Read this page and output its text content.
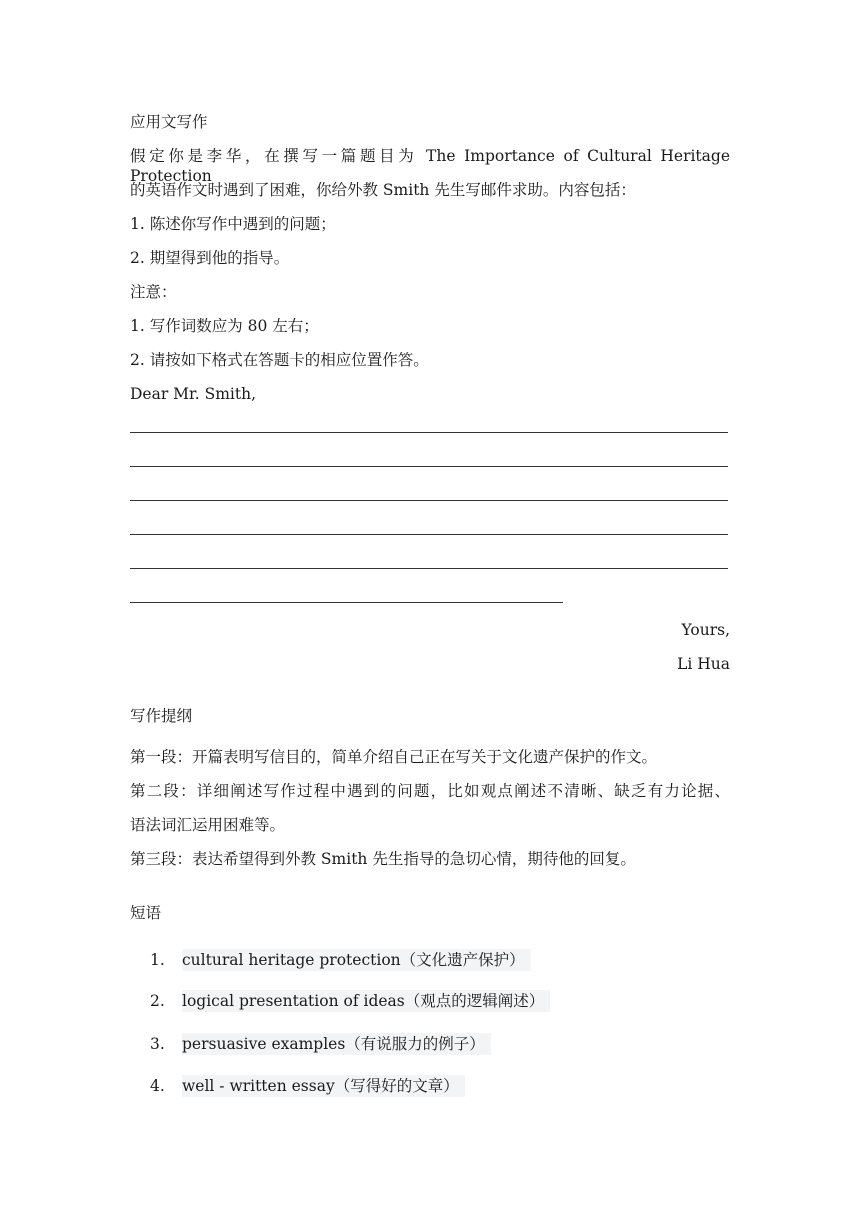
应用文写作
假定你是李华，在撰写一篇题目为 The Importance of Cultural Heritage Protection
的英语作文时遇到了困难，你给外教 Smith 先生写邮件求助。内容包括：
1. 陈述你写作中遇到的问题；
2. 期望得到他的指导。
注意：
1. 写作词数应为 80 左右；
2. 请按如下格式在答题卡的相应位置作答。
Dear Mr. Smith,
Yours,
Li Hua
写作提纲
第一段：开篇表明写信目的，简单介绍自己正在写关于文化遗产保护的作文。
第二段：详细阐述写作过程中遇到的问题，比如观点阐述不清晰、缺乏有力论据、
语法词汇运用困难等。
第三段：表达希望得到外教 Smith 先生指导的急切心情，期待他的回复。
短语
1. cultural heritage protection（文化遗产保护）
2. logical presentation of ideas（观点的逻辑阐述）
3. persuasive examples（有说服力的例子）
4. well - written essay（写得好的文章）
